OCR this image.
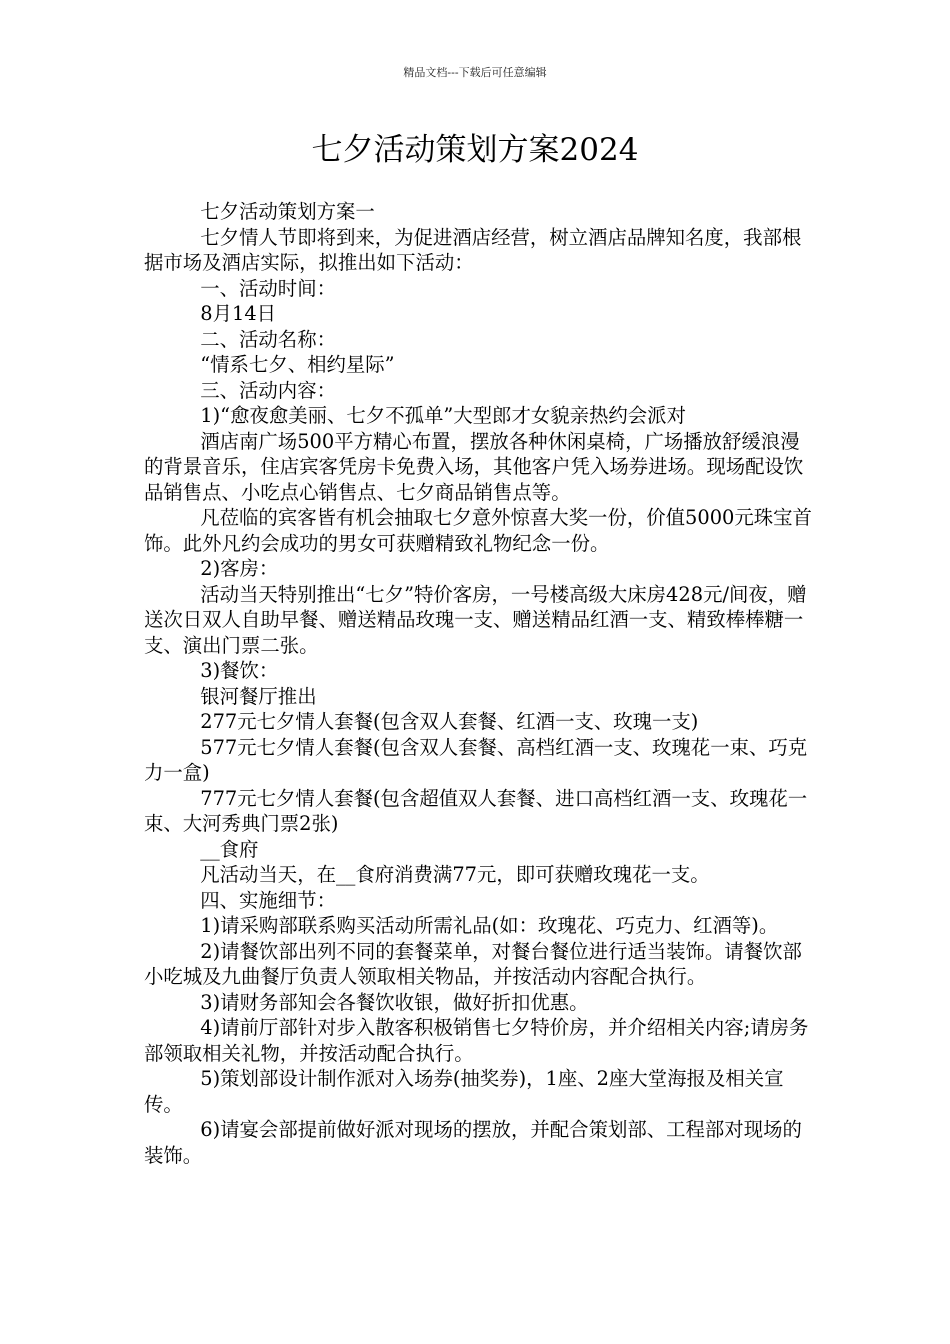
精品文档---下载后可任意编辑
七夕活动策划方案2024

七夕活动策划方案一

七夕情人节即将到来，为促进酒店经营，树立酒店品牌知名度，我部根据市场及酒店实际，拟推出如下活动：

一、活动时间：

8月14日

二、活动名称：

“情系七夕、相约星际”

三、活动内容：

1)“愈夜愈美丽、七夕不孤单”大型郎才女貌亲热约会派对

酒店南广场500平方精心布置，摆放各种休闲桌椅，广场播放舒缓浪漫的背景音乐，住店宾客凭房卡免费入场，其他客户凭入场券进场。现场配设饮品销售点、小吃点心销售点、七夕商品销售点等。

凡莅临的宾客皆有机会抽取七夕意外惊喜大奖一份，价值5000元珠宝首饰。此外凡约会成功的男女可获赠精致礼物纪念一份。

2)客房：

活动当天特别推出“七夕”特价客房，一号楼高级大床房428元/间夜，赠送次日双人自助早餐、赠送精品玫瑰一支、赠送精品红酒一支、精致棒棒糖一支、演出门票二张。

3)餐饮：

银河餐厅推出

277元七夕情人套餐(包含双人套餐、红酒一支、玫瑰一支)

577元七夕情人套餐(包含双人套餐、高档红酒一支、玫瑰花一束、巧克力一盒)

777元七夕情人套餐(包含超值双人套餐、进口高档红酒一支、玫瑰花一束、大河秀典门票2张)

__食府

凡活动当天，在__食府消费满77元，即可获赠玫瑰花一支。

四、实施细节：

1)请采购部联系购买活动所需礼品(如：玫瑰花、巧克力、红酒等)。

2)请餐饮部出列不同的套餐菜单，对餐台餐位进行适当装饰。请餐饮部小吃城及九曲餐厅负责人领取相关物品，并按活动内容配合执行。

3)请财务部知会各餐饮收银，做好折扣优惠。

4)请前厅部针对步入散客积极销售七夕特价房，并介绍相关内容;请房务部领取相关礼物，并按活动配合执行。

5)策划部设计制作派对入场券(抽奖券)，1座、2座大堂海报及相关宣传。

6)请宴会部提前做好派对现场的摆放，并配合策划部、工程部对现场的装饰。
